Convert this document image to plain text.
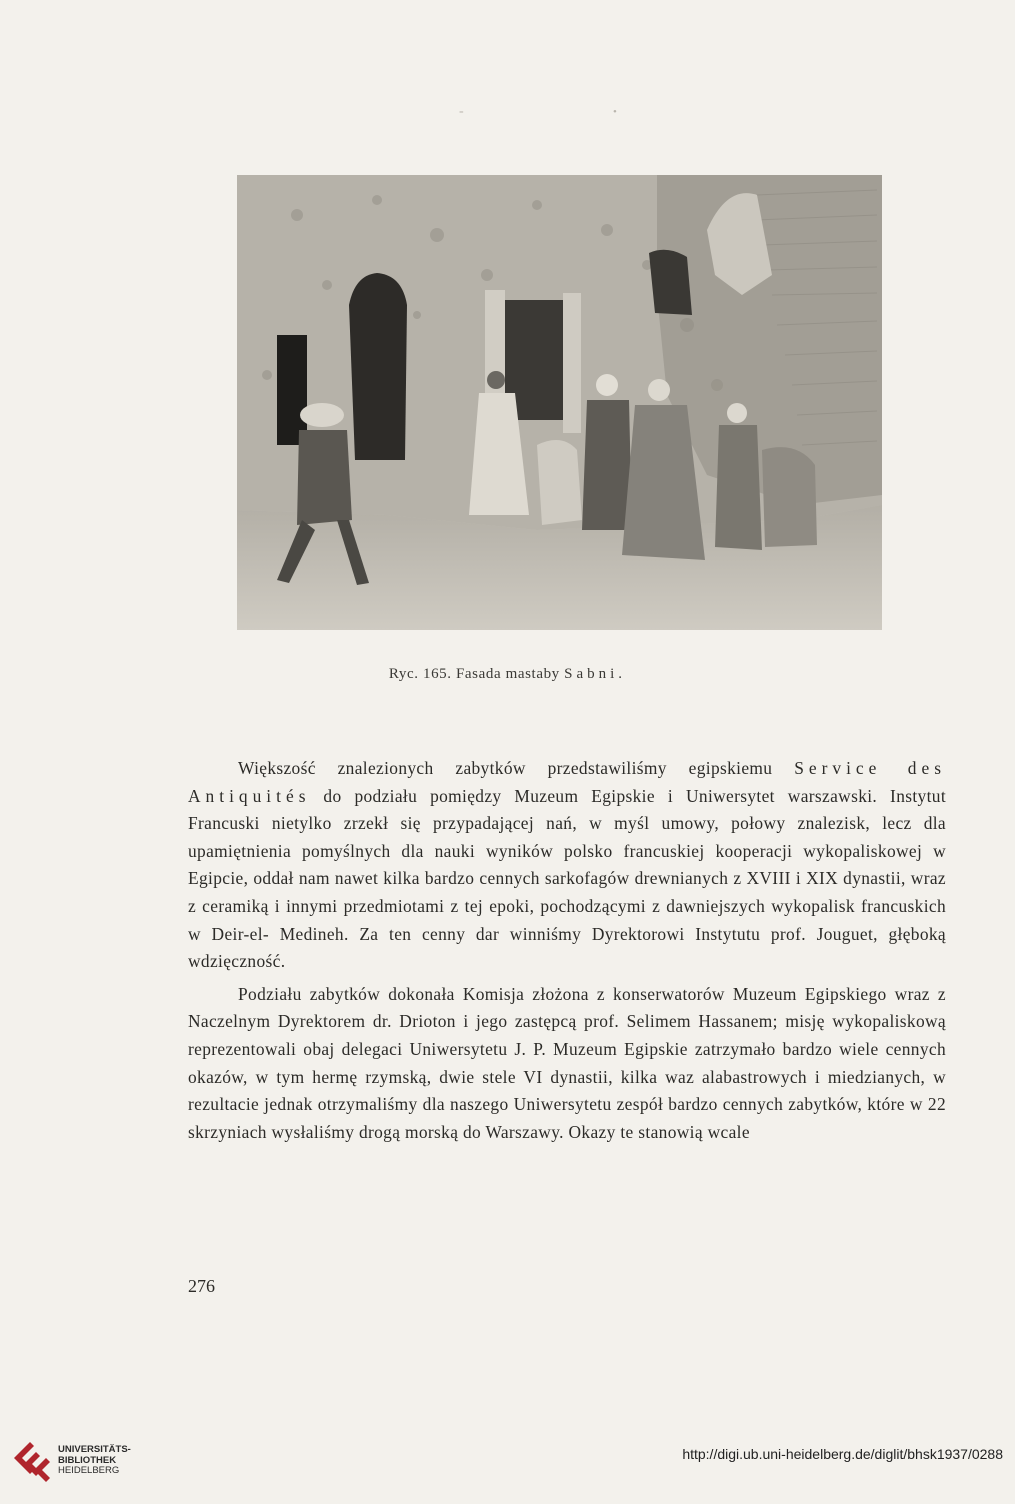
-	•
Ryc. 165. Fasada mastaby Sabni.

Większość znalezionych zabytków przedstawiliśmy egipskiemu Service des Antiquités do podziału pomiędzy Muzeum Egipskie i Uniwersytet warszawski. Instytut Francuski nietylko zrzekł się przypadającej nań, w myśl umowy, połowy znalezisk, lecz dla upamiętnienia pomyślnych dla nauki wyników polsko francuskiej kooperacji wykopaliskowej w Egipcie, oddał nam nawet kilka bardzo cennych sarkofagów drewnianych z XVIII i XIX dynastii, wraz z ceramiką i innymi przedmiotami z tej epoki, pochodzącymi z dawniejszych wykopalisk francuskich w Deir-el- Medineh. Za ten cenny dar winniśmy Dyrektorowi Instytutu prof. Jouguet, głęboką wdzięczność.

Podziału zabytków dokonała Komisja złożona z konserwatorów Muzeum Egipskiego wraz z Naczelnym Dyrektorem dr. Drioton i jego zastępcą prof. Selimem Hassanem; misję wykopaliskową reprezentowali obaj delegaci Uniwersytetu J. P. Muzeum Egipskie zatrzymało bardzo wiele cennych okazów, w tym hermę rzymską, dwie stele VI dynastii, kilka waz alabastrowych i miedzianych, w rezultacie jednak otrzymaliśmy dla naszego Uniwersytetu zespół bardzo cennych zabytków, które w 22 skrzyniach wysłaliśmy drogą morską do Warszawy. Okazy te stanowią wcale

276
UNIVERSITÄTS-
BIBLIOTHEK
HEIDELBERG
http://digi.ub.uni-heidelberg.de/diglit/bhsk1937/0288
